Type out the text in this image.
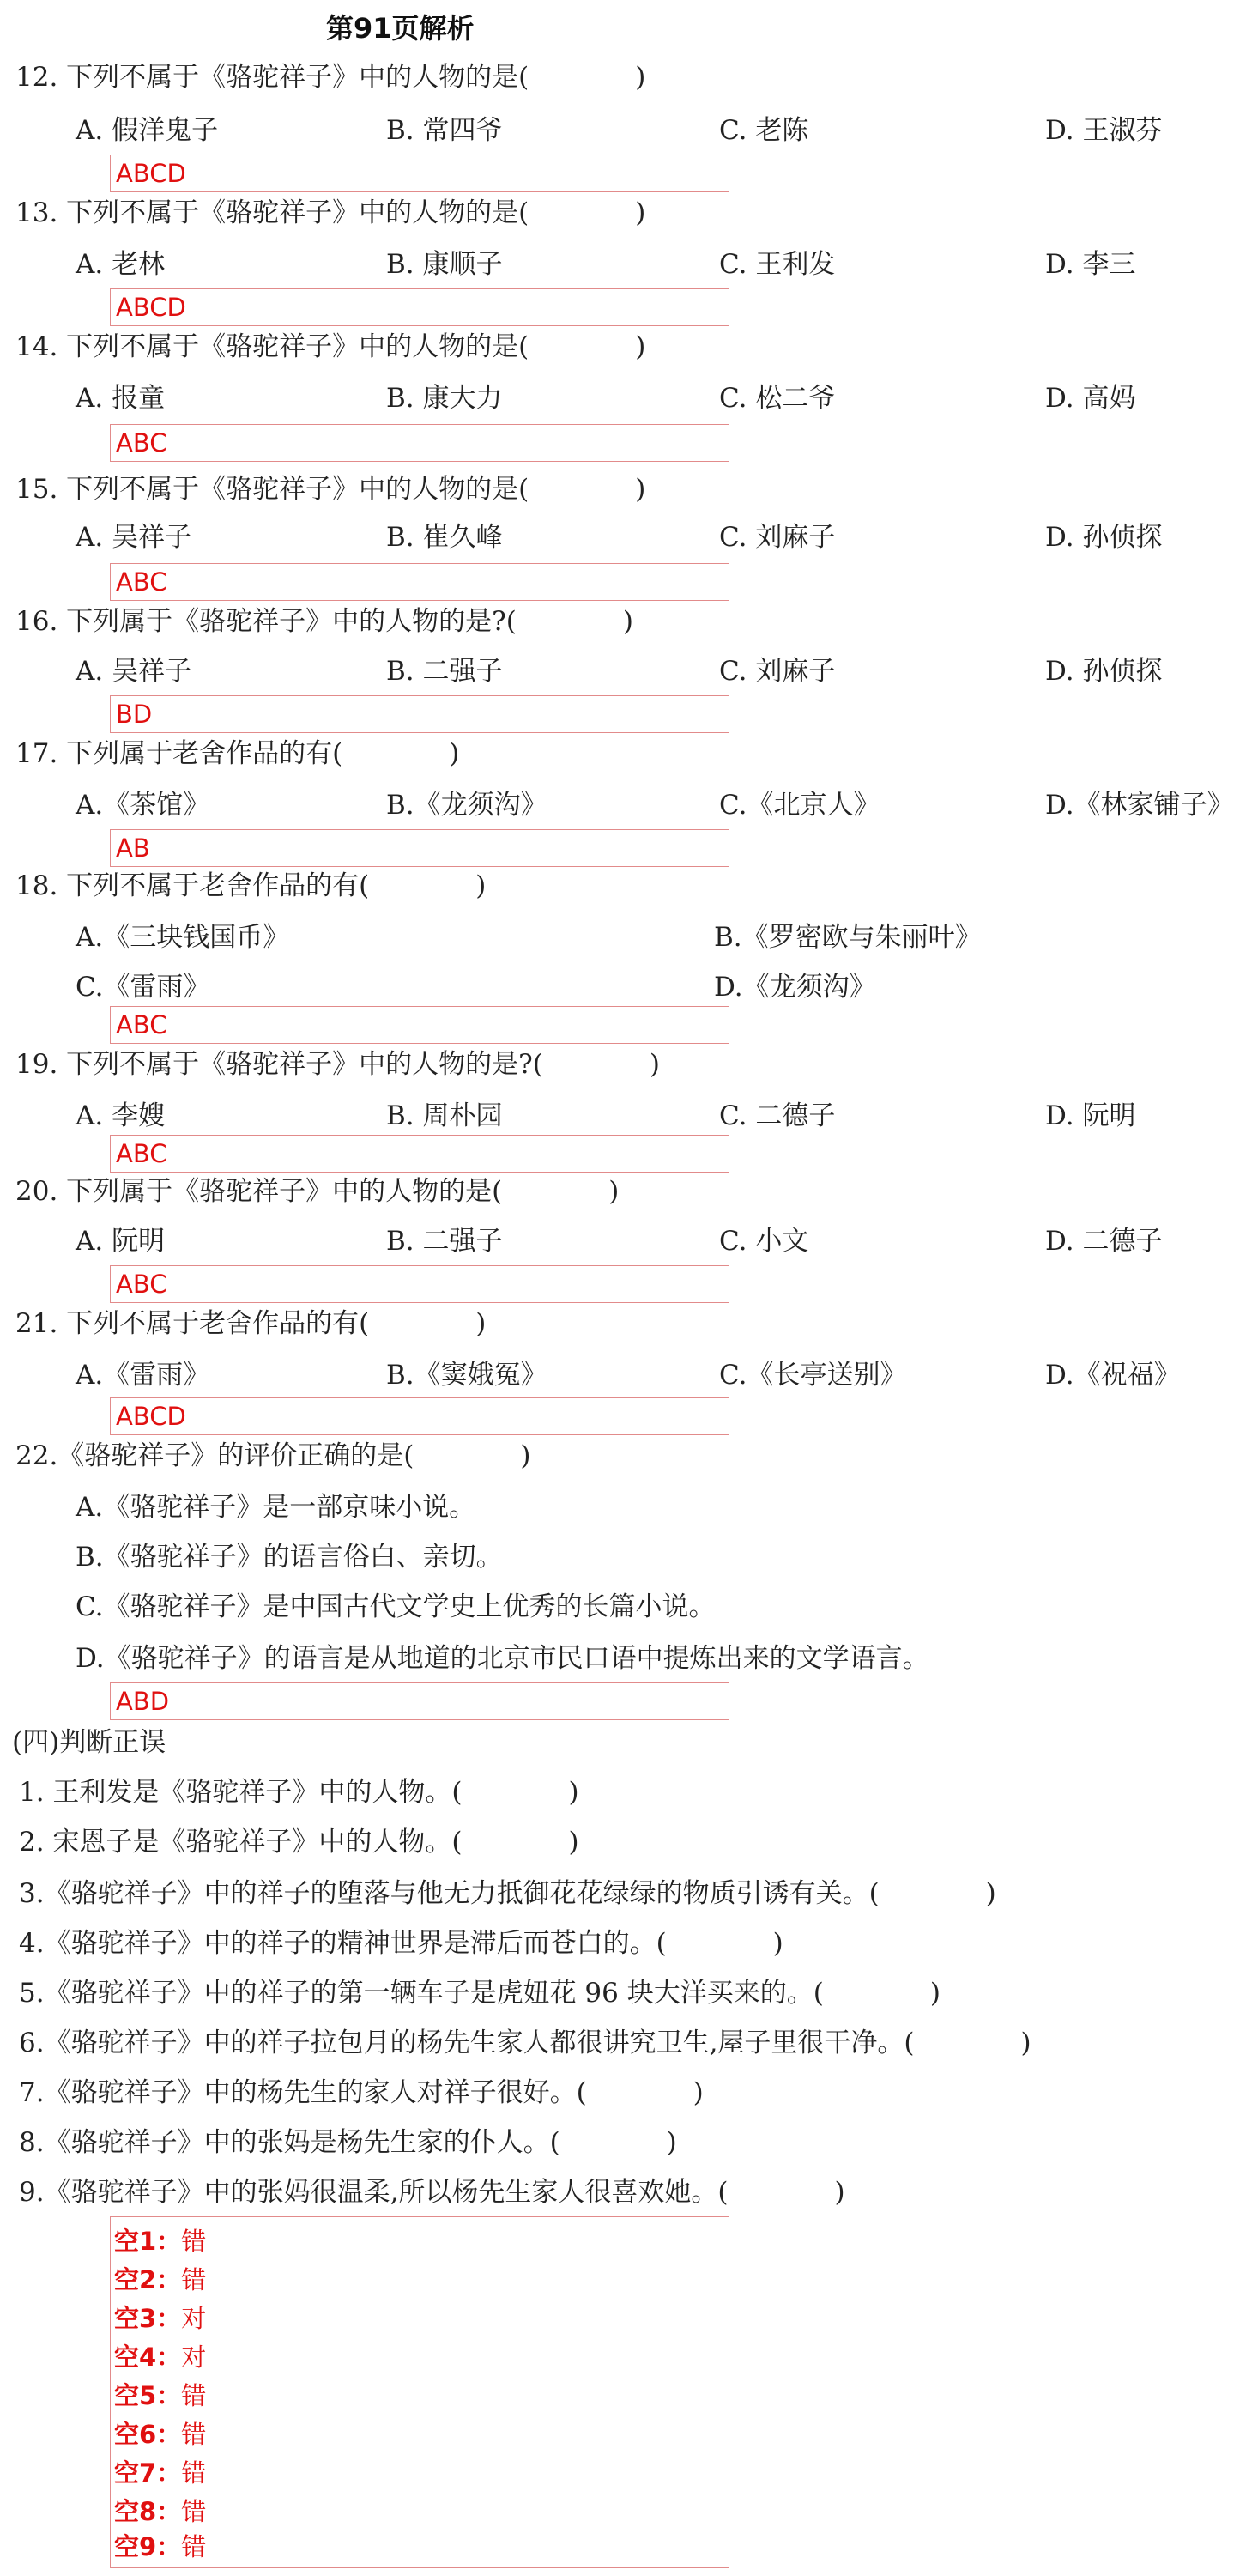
第91页解析
12. 下列不属于《骆驼祥子》中的人物的是(　　　　)
A. 假洋鬼子	B. 常四爷	C. 老陈	D. 王淑芬
ABCD
13. 下列不属于《骆驼祥子》中的人物的是(　　　　)
A. 老林	B. 康顺子	C. 王利发	D. 李三
ABCD
14. 下列不属于《骆驼祥子》中的人物的是(　　　　)
A. 报童	B. 康大力	C. 松二爷	D. 高妈
ABC
15. 下列不属于《骆驼祥子》中的人物的是(　　　　)
A. 吴祥子	B. 崔久峰	C. 刘麻子	D. 孙侦探
ABC
16. 下列属于《骆驼祥子》中的人物的是?(　　　　)
A. 吴祥子	B. 二强子	C. 刘麻子	D. 孙侦探
BD
17. 下列属于老舍作品的有(　　　　)
A.《茶馆》	B.《龙须沟》	C.《北京人》	D.《林家铺子》
AB
18. 下列不属于老舍作品的有(　　　　)
A.《三块钱国币》	B.《罗密欧与朱丽叶》
C.《雷雨》	D.《龙须沟》
ABC
19. 下列不属于《骆驼祥子》中的人物的是?(　　　　)
A. 李嫂	B. 周朴园	C. 二德子	D. 阮明
ABC
20. 下列属于《骆驼祥子》中的人物的是(　　　　)
A. 阮明	B. 二强子	C. 小文	D. 二德子
ABC
21. 下列不属于老舍作品的有(　　　　)
A.《雷雨》	B.《窦娥冤》	C.《长亭送别》	D.《祝福》
ABCD
22.《骆驼祥子》的评价正确的是(　　　　)
A.《骆驼祥子》是一部京味小说。
B.《骆驼祥子》的语言俗白、亲切。
C.《骆驼祥子》是中国古代文学史上优秀的长篇小说。
D.《骆驼祥子》的语言是从地道的北京市民口语中提炼出来的文学语言。
ABD
(四)判断正误
1. 王利发是《骆驼祥子》中的人物。(　　　　)
2. 宋恩子是《骆驼祥子》中的人物。(　　　　)
3.《骆驼祥子》中的祥子的堕落与他无力抵御花花绿绿的物质引诱有关。(　　　　)
4.《骆驼祥子》中的祥子的精神世界是滞后而苍白的。(　　　　)
5.《骆驼祥子》中的祥子的第一辆车子是虎妞花 96 块大洋买来的。(　　　　)
6.《骆驼祥子》中的祥子拉包月的杨先生家人都很讲究卫生,屋子里很干净。(　　　　)
7.《骆驼祥子》中的杨先生的家人对祥子很好。(　　　　)
8.《骆驼祥子》中的张妈是杨先生家的仆人。(　　　　)
9.《骆驼祥子》中的张妈很温柔,所以杨先生家人很喜欢她。(　　　　)
空1：错
空2：错
空3：对
空4：对
空5：错
空6：错
空7：错
空8：错
空9：错
